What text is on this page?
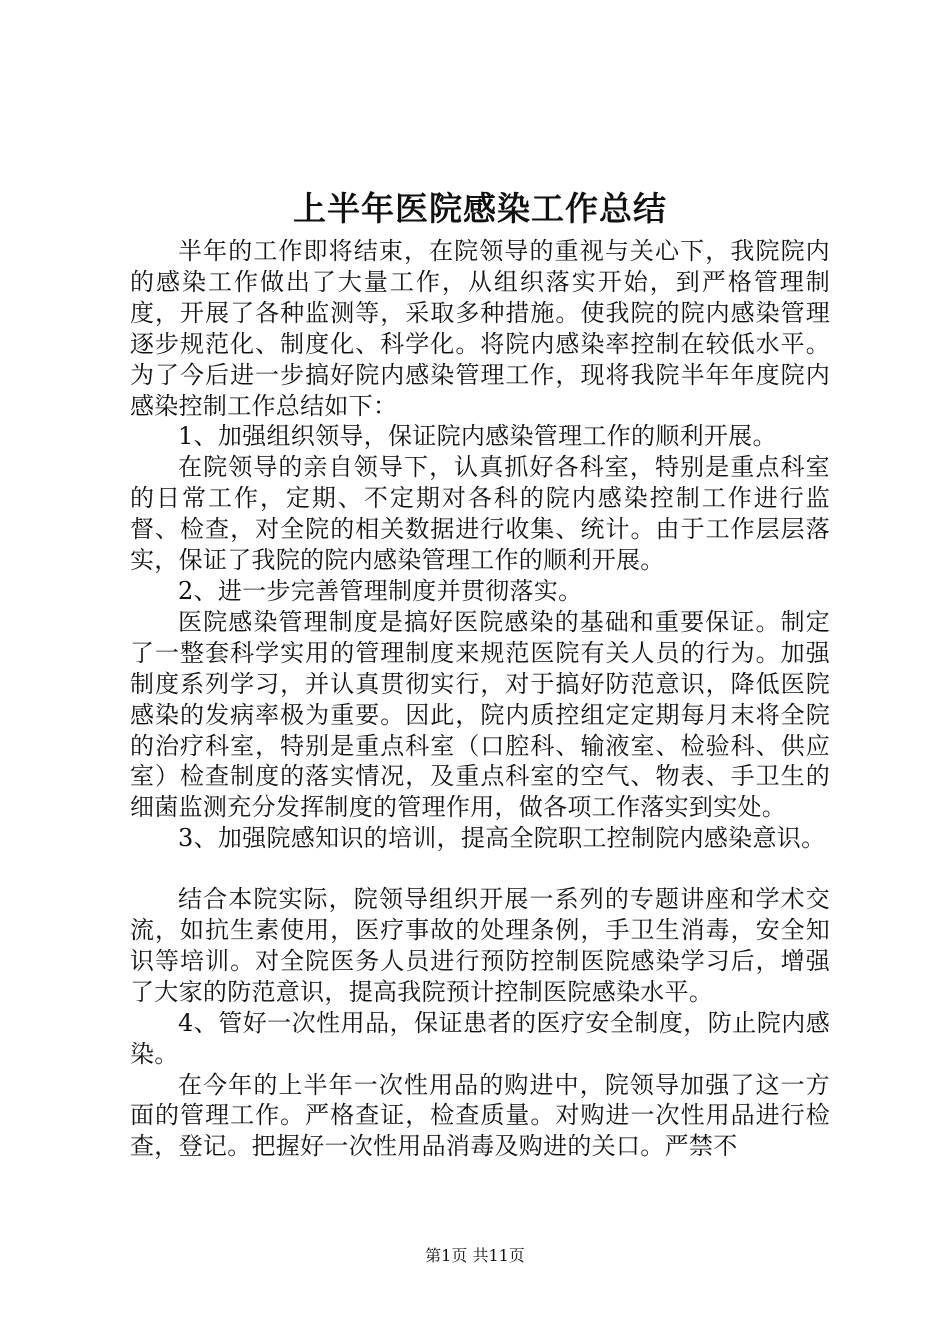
上半年医院感染工作总结

半年的工作即将结束，在院领导的重视与关心下，我院院内的感染工作做出了大量工作，从组织落实开始，到严格管理制度，开展了各种监测等，采取多种措施。使我院的院内感染管理逐步规范化、制度化、科学化。将院内感染率控制在较低水平。为了今后进一步搞好院内感染管理工作，现将我院半年年度院内感染控制工作总结如下：

1、加强组织领导，保证院内感染管理工作的顺利开展。

在院领导的亲自领导下，认真抓好各科室，特别是重点科室的日常工作，定期、不定期对各科的院内感染控制工作进行监督、检查，对全院的相关数据进行收集、统计。由于工作层层落实，保证了我院的院内感染管理工作的顺利开展。

2、进一步完善管理制度并贯彻落实。

医院感染管理制度是搞好医院感染的基础和重要保证。制定了一整套科学实用的管理制度来规范医院有关人员的行为。加强制度系列学习，并认真贯彻实行，对于搞好防范意识，降低医院感染的发病率极为重要。因此，院内质控组定定期每月末将全院的治疗科室，特别是重点科室（口腔科、输液室、检验科、供应室）检查制度的落实情况，及重点科室的空气、物表、手卫生的细菌监测充分发挥制度的管理作用，做各项工作落实到实处。

3、加强院感知识的培训，提高全院职工控制院内感染意识。

结合本院实际，院领导组织开展一系列的专题讲座和学术交流，如抗生素使用，医疗事故的处理条例，手卫生消毒，安全知识等培训。对全院医务人员进行预防控制医院感染学习后，增强了大家的防范意识，提高我院预计控制医院感染水平。

4、管好一次性用品，保证患者的医疗安全制度，防止院内感染。

在今年的上半年一次性用品的购进中，院领导加强了这一方面的管理工作。严格查证，检查质量。对购进一次性用品进行检查，登记。把握好一次性用品消毒及购进的关口。严禁不

第1页 共11页
